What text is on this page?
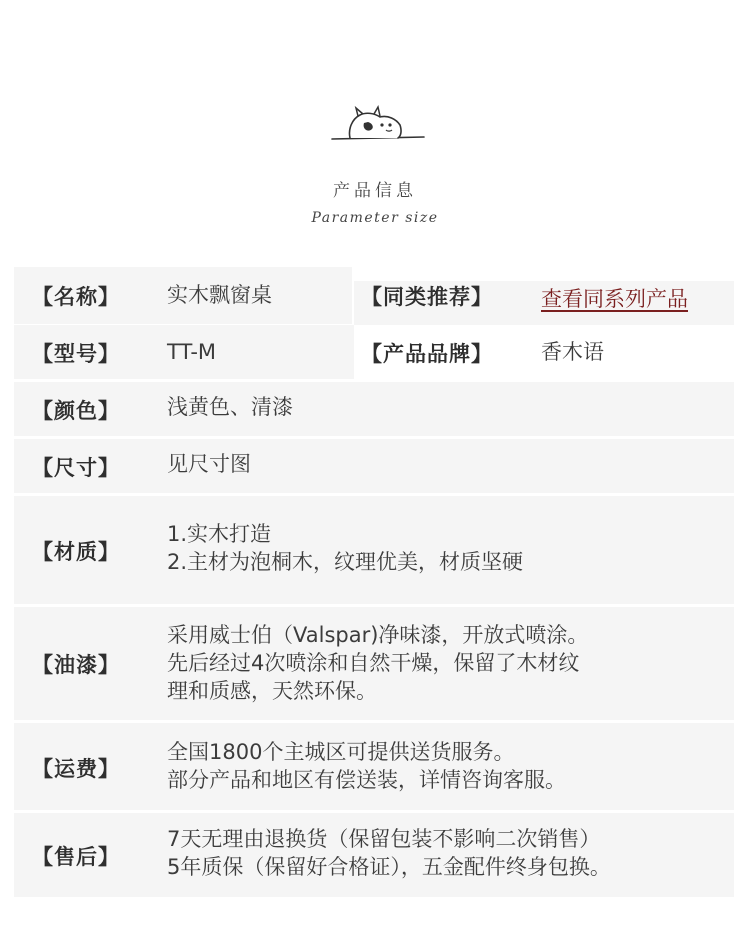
产品信息
Parameter size
【名称】 实木飘窗桌	【同类推荐】 查看同系列产品
【型号】 TT-M	【产品品牌】 香木语
【颜色】 浅黄色、清漆
【尺寸】 见尺寸图
【材质】
1.实木打造
2.主材为泡桐木，纹理优美，材质坚硬
【油漆】
采用威士伯（Valspar)净味漆，开放式喷涂。
先后经过4次喷涂和自然干燥，保留了木材纹
理和质感，天然环保。
【运费】
全国1800个主城区可提供送货服务。
部分产品和地区有偿送装，详情咨询客服。
【售后】
7天无理由退换货（保留包装不影响二次销售）
5年质保（保留好合格证），五金配件终身包换。
